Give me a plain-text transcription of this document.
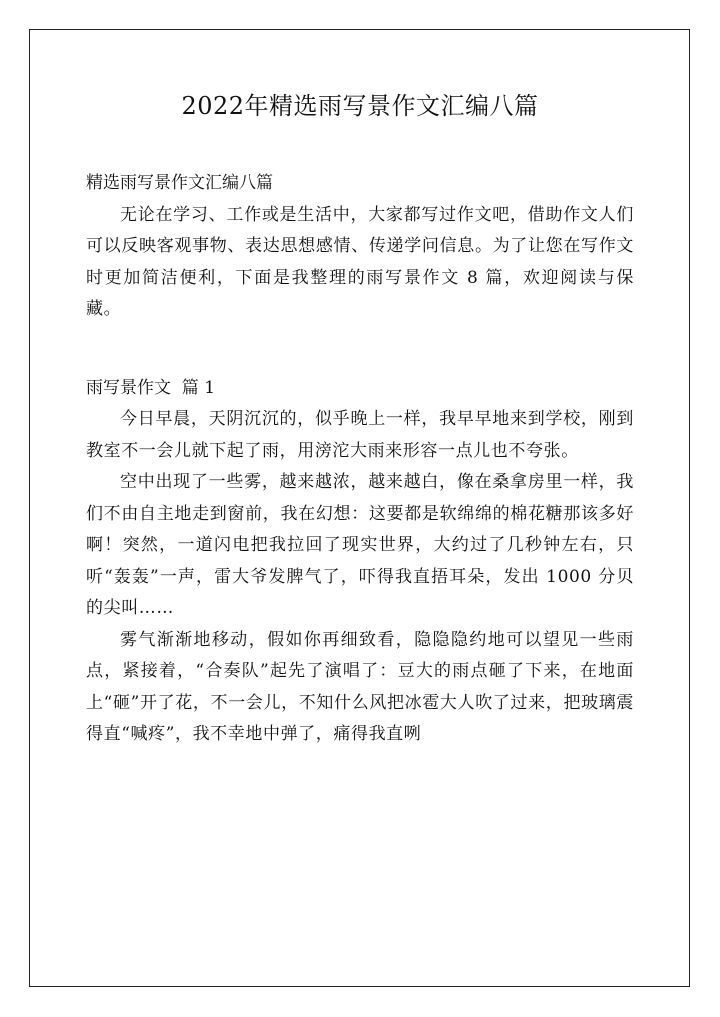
2022年精选雨写景作文汇编八篇

精选雨写景作文汇编八篇

无论在学习、工作或是生活中，大家都写过作文吧，借助作文人们可以反映客观事物、表达思想感情、传递学问信息。为了让您在写作文时更加简洁便利，下面是我整理的雨写景作文 8 篇，欢迎阅读与保藏。

雨写景作文  篇 1

今日早晨，天阴沉沉的，似乎晚上一样，我早早地来到学校，刚到教室不一会儿就下起了雨，用滂沱大雨来形容一点儿也不夸张。

空中出现了一些雾，越来越浓，越来越白，像在桑拿房里一样，我们不由自主地走到窗前，我在幻想：这要都是软绵绵的棉花糖那该多好啊！突然，一道闪电把我拉回了现实世界，大约过了几秒钟左右，只听“轰轰”一声，雷大爷发脾气了，吓得我直捂耳朵，发出 1000 分贝的尖叫……

雾气渐渐地移动，假如你再细致看，隐隐隐约地可以望见一些雨点，紧接着，“合奏队”起先了演唱了：豆大的雨点砸了下来，在地面上“砸”开了花，不一会儿，不知什么风把冰雹大人吹了过来，把玻璃震得直“喊疼”，我不幸地中弹了，痛得我直咧
